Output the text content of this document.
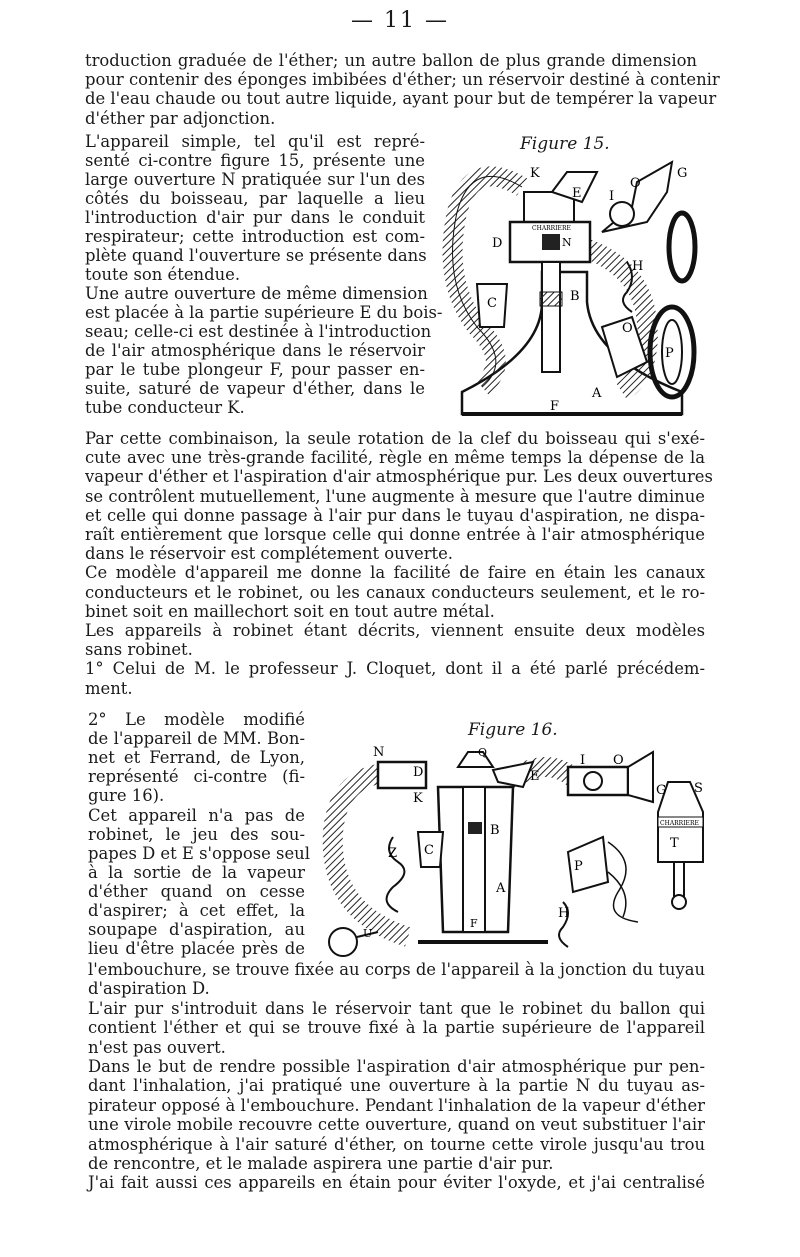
— 11 —
troduction graduée de l'éther; un autre ballon de plus grande dimension
pour contenir des éponges imbibées d'éther; un réservoir destiné à contenir
de l'eau chaude ou tout autre liquide, ayant pour but de tempérer la vapeur
d'éther par adjonction.
L'appareil simple, tel qu'il est repré-
senté ci-contre figure 15, présente une
large ouverture N pratiquée sur l'un des
côtés du boisseau, par laquelle a lieu
l'introduction d'air pur dans le conduit
respirateur; cette introduction est com-
plète quand l'ouverture se présente dans
toute son étendue.
Une autre ouverture de même dimension
est placée à la partie supérieure E du bois-
seau; celle-ci est destinée à l'introduction
de l'air atmosphérique dans le réservoir
par le tube plongeur F, pour passer en-
suite, saturé de vapeur d'éther, dans le
tube conducteur K.
Par cette combinaison, la seule rotation de la clef du boisseau qui s'exé-
cute avec une très-grande facilité, règle en même temps la dépense de la
vapeur d'éther et l'aspiration d'air atmosphérique pur. Les deux ouvertures
se contrôlent mutuellement, l'une augmente à mesure que l'autre diminue
et celle qui donne passage à l'air pur dans le tuyau d'aspiration, ne dispa-
raît entièrement que lorsque celle qui donne entrée à l'air atmosphérique
dans le réservoir est complétement ouverte.
Ce modèle d'appareil me donne la facilité de faire en étain les canaux
conducteurs et le robinet, ou les canaux conducteurs seulement, et le ro-
binet soit en maillechort soit en tout autre métal.
Les appareils à robinet étant décrits, viennent ensuite deux modèles
sans robinet.
1° Celui de M. le professeur J. Cloquet, dont il a été parlé précédem-
ment.
2° Le modèle modifié
de l'appareil de MM. Bon-
net et Ferrand, de Lyon,
représenté ci-contre (fi-
gure 16).
Cet appareil n'a pas de
robinet, le jeu des sou-
papes D et E s'oppose seul
à la sortie de la vapeur
d'éther quand on cesse
d'aspirer; à cet effet, la
soupape d'aspiration, au
lieu d'être placée près de
l'embouchure, se trouve fixée au corps de l'appareil à la jonction du tuyau
d'aspiration D.
L'air pur s'introduit dans le réservoir tant que le robinet du ballon qui
contient l'éther et qui se trouve fixé à la partie supérieure de l'appareil
n'est pas ouvert.
Dans le but de rendre possible l'aspiration d'air atmosphérique pur pen-
dant l'inhalation, j'ai pratiqué une ouverture à la partie N du tuyau as-
pirateur opposé à l'embouchure. Pendant l'inhalation de la vapeur d'éther
une virole mobile recouvre cette ouverture, quand on veut substituer l'air
atmosphérique à l'air saturé d'éther, on tourne cette virole jusqu'au trou
de rencontre, et le malade aspirera une partie d'air pur.
J'ai fait aussi ces appareils en étain pour éviter l'oxyde, et j'ai centralisé
Figure 15.
CHARRIERE
K
E
G
I
O
D	N
H
C	B
O
P
A
F
Figure 16.
CHARRIERE
N
D
Q
E
I O
G S
K
B
C
Z
A
F
P
H
U
T
